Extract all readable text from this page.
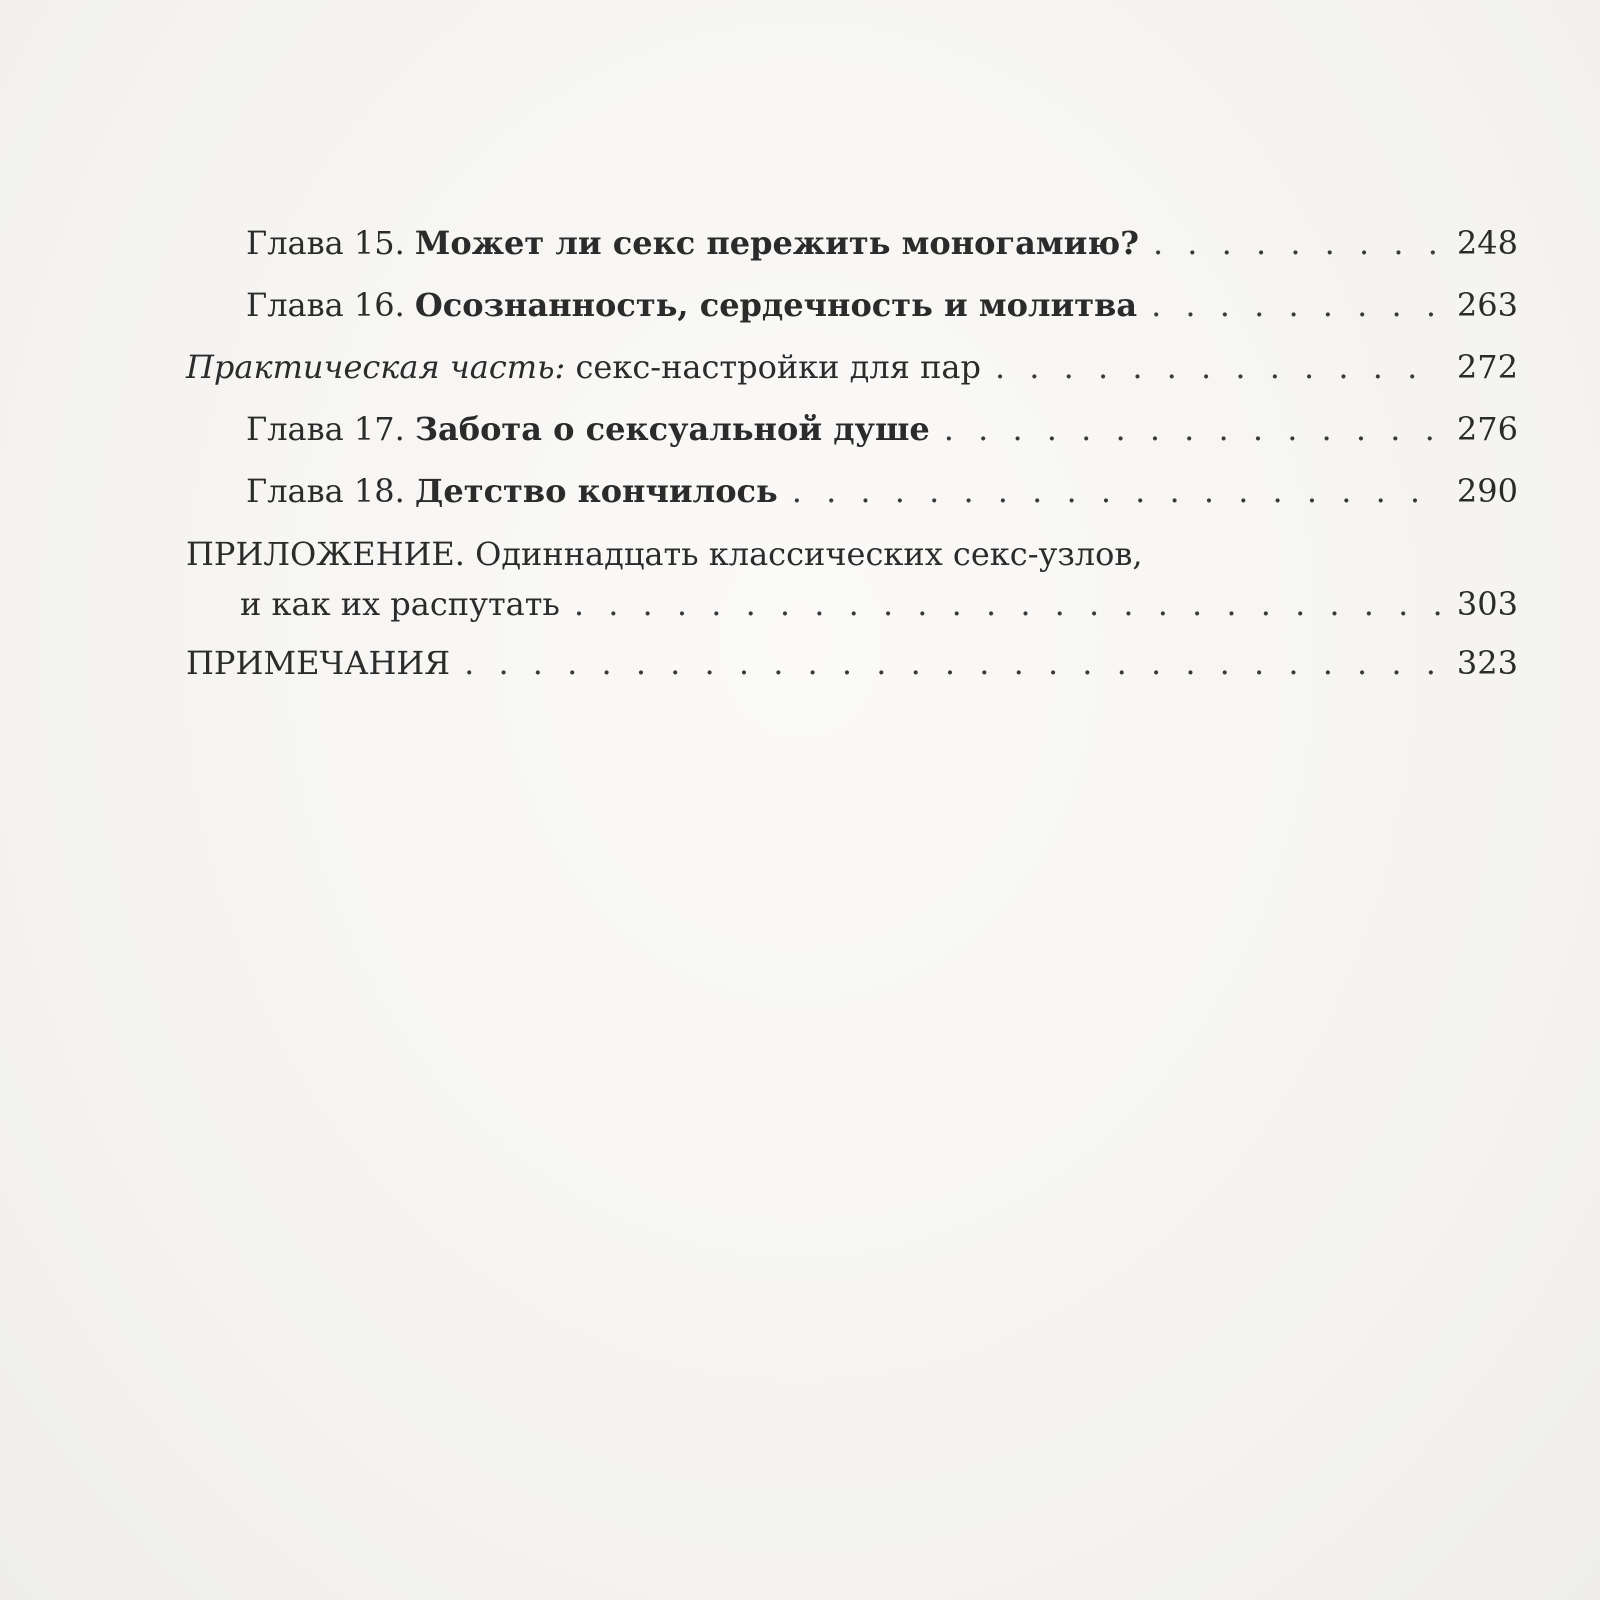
Глава 15. Может ли секс пережить моногамию? . . .	248
Глава 16. Осознанность, сердечность и молитва . . .	263
Практическая часть: секс-настройки для пар . . .	272
Глава 17. Забота о сексуальной душе . . .	276
Глава 18. Детство кончилось . . .	290
ПРИЛОЖЕНИЕ. Одиннадцать классических секс-узлов,
и как их распутать . . .	303
ПРИМЕЧАНИЯ . . .	323
